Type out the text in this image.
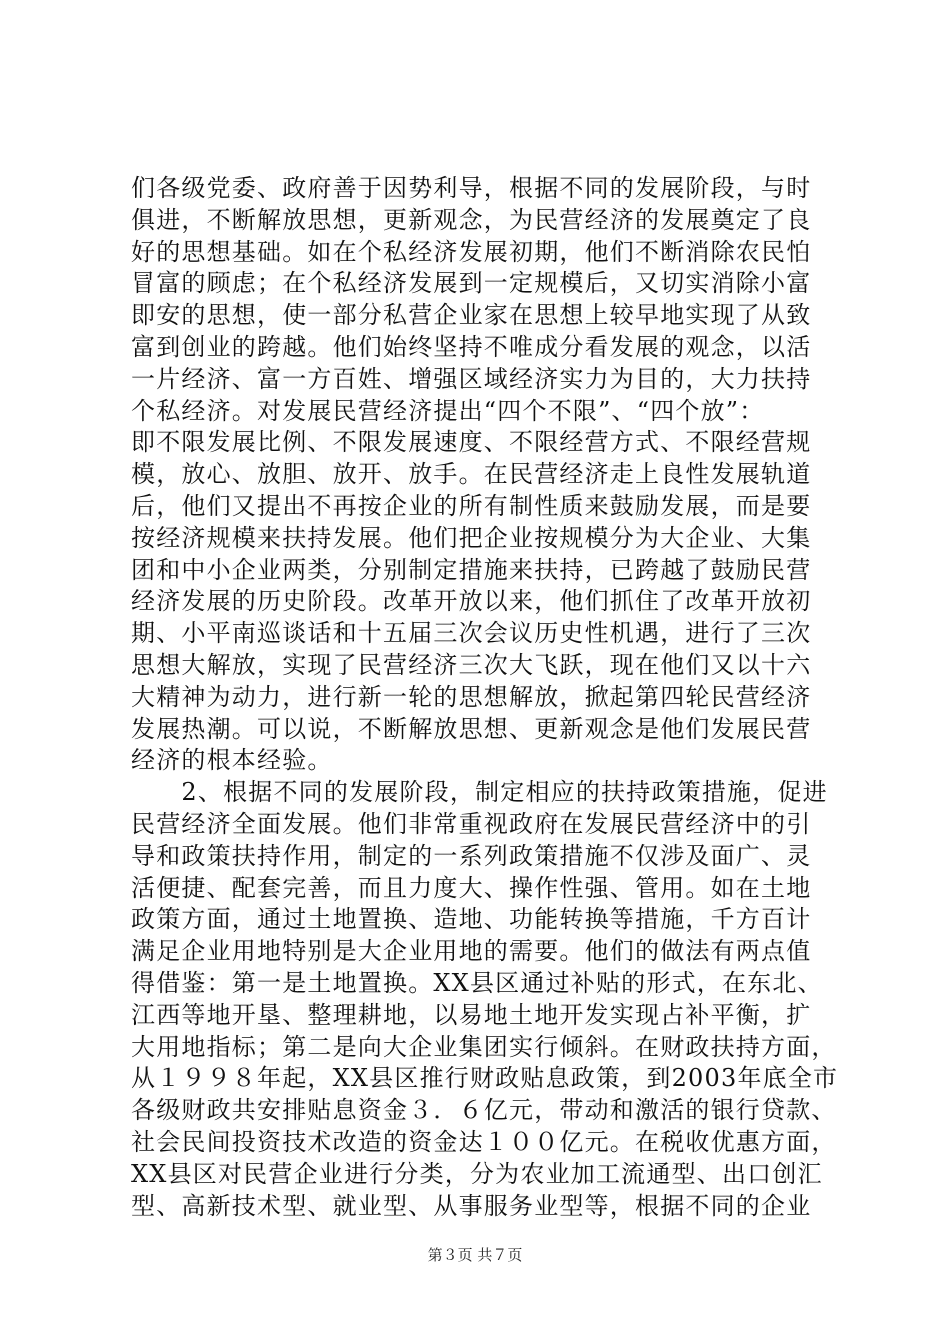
们各级党委、政府善于因势利导，根据不同的发展阶段，与时
俱进，不断解放思想，更新观念，为民营经济的发展奠定了良
好的思想基础。如在个私经济发展初期，他们不断消除农民怕
冒富的顾虑；在个私经济发展到一定规模后，又切实消除小富
即安的思想，使一部分私营企业家在思想上较早地实现了从致
富到创业的跨越。他们始终坚持不唯成分看发展的观念，以活
一片经济、富一方百姓、增强区域经济实力为目的，大力扶持
个私经济。对发展民营经济提出“四个不限”、“四个放”：
即不限发展比例、不限发展速度、不限经营方式、不限经营规
模，放心、放胆、放开、放手。在民营经济走上良性发展轨道
后，他们又提出不再按企业的所有制性质来鼓励发展，而是要
按经济规模来扶持发展。他们把企业按规模分为大企业、大集
团和中小企业两类，分别制定措施来扶持，已跨越了鼓励民营
经济发展的历史阶段。改革开放以来，他们抓住了改革开放初
期、小平南巡谈话和十五届三次会议历史性机遇，进行了三次
思想大解放，实现了民营经济三次大飞跃，现在他们又以十六
大精神为动力，进行新一轮的思想解放，掀起第四轮民营经济
发展热潮。可以说，不断解放思想、更新观念是他们发展民营
经济的根本经验。
　　2、根据不同的发展阶段，制定相应的扶持政策措施，促进
民营经济全面发展。他们非常重视政府在发展民营经济中的引
导和政策扶持作用，制定的一系列政策措施不仅涉及面广、灵
活便捷、配套完善，而且力度大、操作性强、管用。如在土地
政策方面，通过土地置换、造地、功能转换等措施，千方百计
满足企业用地特别是大企业用地的需要。他们的做法有两点值
得借鉴：第一是土地置换。XX县区通过补贴的形式，在东北、
江西等地开垦、整理耕地，以易地土地开发实现占补平衡，扩
大用地指标；第二是向大企业集团实行倾斜。在财政扶持方面，
从１９９８年起，XX县区推行财政贴息政策，到2003年底全市
各级财政共安排贴息资金３．６亿元，带动和激活的银行贷款、
社会民间投资技术改造的资金达１００亿元。在税收优惠方面，
XX县区对民营企业进行分类，分为农业加工流通型、出口创汇
型、高新技术型、就业型、从事服务业型等，根据不同的企业
第３页 共７页
